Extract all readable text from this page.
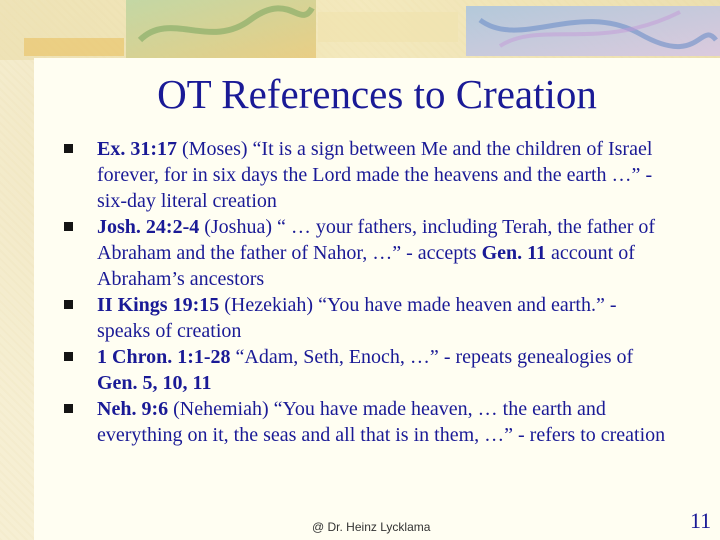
OT References to Creation
Ex. 31:17 (Moses) “It is a sign between Me and the children of Israel forever, for in six days the Lord made the heavens and the earth …” - six-day literal creation
Josh. 24:2-4 (Joshua) “ … your fathers, including Terah, the father of Abraham and the father of Nahor, …” - accepts Gen. 11 account of Abraham’s ancestors
II Kings 19:15 (Hezekiah) “You have made heaven and earth.” - speaks of creation
1 Chron. 1:1-28 “Adam, Seth, Enoch, …” - repeats genealogies of Gen. 5, 10, 11
Neh. 9:6 (Nehemiah) “You have made heaven, … the earth and everything on it, the seas and all that is in them, …” - refers to creation
@ Dr. Heinz Lycklama	11
